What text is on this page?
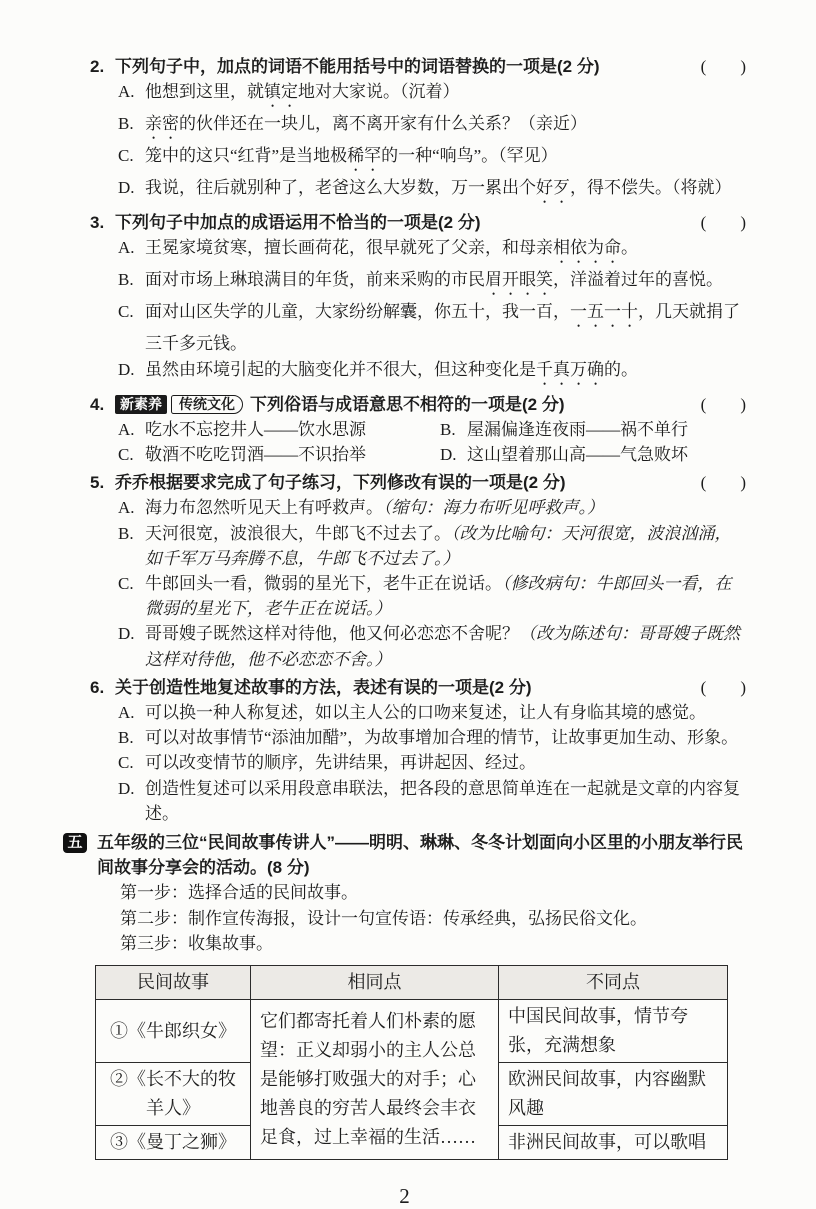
2. 下列句子中，加点的词语不能用括号中的词语替换的一项是(2 分)	(        )
A. 他想到这里，就镇定地对大家说。（沉着）
B. 亲密的伙伴还在一块儿，离不离开家有什么关系？（亲近）
C. 笼中的这只“红背”是当地极稀罕的一种“响鸟”。（罕见）
D. 我说，往后就别种了，老爸这么大岁数，万一累出个好歹，得不偿失。（将就）
3. 下列句子中加点的成语运用不恰当的一项是(2 分)	(        )
A. 王冕家境贫寒，擅长画荷花，很早就死了父亲，和母亲相依为命。
B. 面对市场上琳琅满目的年货，前来采购的市民眉开眼笑，洋溢着过年的喜悦。
C. 面对山区失学的儿童，大家纷纷解囊，你五十，我一百，一五一十，几天就捐了三千多元钱。
D. 虽然由环境引起的大脑变化并不很大，但这种变化是千真万确的。
4.	新素养	传统文化 下列俗语与成语意思不相符的一项是(2 分)	(        )
A. 吃水不忘挖井人——饮水思源	B. 屋漏偏逢连夜雨——祸不单行
C. 敬酒不吃吃罚酒——不识抬举	D. 这山望着那山高——气急败坏
5. 乔乔根据要求完成了句子练习，下列修改有误的一项是(2 分)	(        )
A. 海力布忽然听见天上有呼救声。（缩句：海力布听见呼救声。）
B. 天河很宽，波浪很大，牛郎飞不过去了。（改为比喻句：天河很宽，波浪汹涌，如千军万马奔腾不息，牛郎飞不过去了。）
C. 牛郎回头一看，微弱的星光下，老牛正在说话。（修改病句：牛郎回头一看，在微弱的星光下，老牛正在说话。）
D. 哥哥嫂子既然这样对待他，他又何必恋恋不舍呢？（改为陈述句：哥哥嫂子既然这样对待他，他不必恋恋不舍。）
6. 关于创造性地复述故事的方法，表述有误的一项是(2 分)	(        )
A. 可以换一种人称复述，如以主人公的口吻来复述，让人有身临其境的感觉。
B. 可以对故事情节“添油加醋”，为故事增加合理的情节，让故事更加生动、形象。
C. 可以改变情节的顺序，先讲结果，再讲起因、经过。
D. 创造性复述可以采用段意串联法，把各段的意思简单连在一起就是文章的内容复述。
五 五年级的三位“民间故事传讲人”——明明、琳琳、冬冬计划面向小区里的小朋友举行民间故事分享会的活动。(8 分)
第一步：选择合适的民间故事。
第二步：制作宣传海报，设计一句宣传语：传承经典，弘扬民俗文化。
第三步：收集故事。
民间故事	相同点	不同点
①《牛郎织女》	它们都寄托着人们朴素的愿望：正义却弱小的主人公总是能够打败强大的对手；心地善良的穷苦人最终会丰衣足食，过上幸福的生活……	中国民间故事，情节夸张，充满想象
②《长不大的牧羊人》		欧洲民间故事，内容幽默风趣
③《曼丁之狮》		非洲民间故事，可以歌唱
2
